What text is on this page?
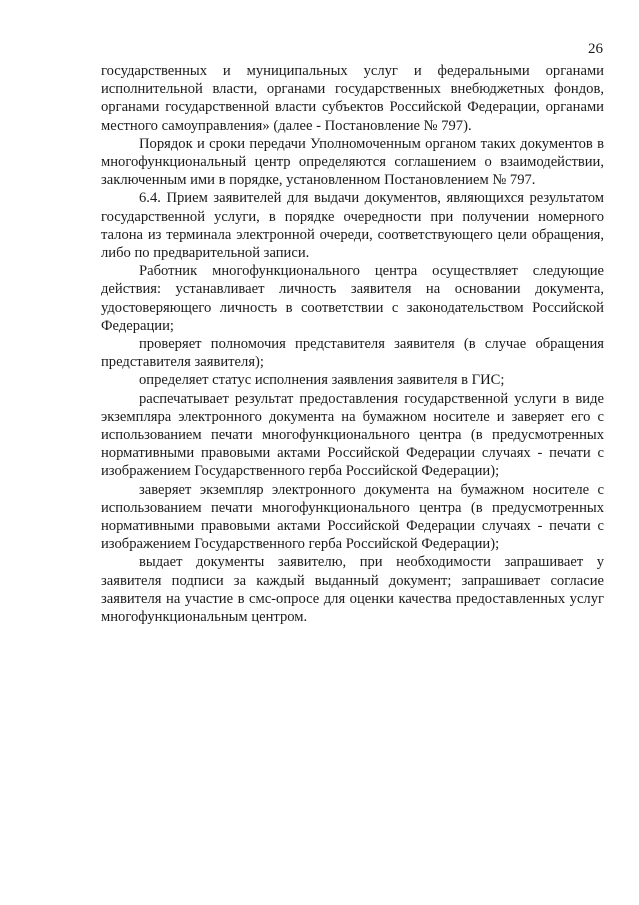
26

государственных и муниципальных услуг и федеральными органами исполнительной власти, органами государственных внебюджетных фондов, органами государственной власти субъектов Российской Федерации, органами местного самоуправления» (далее - Постановление № 797).

Порядок и сроки передачи Уполномоченным органом таких документов в многофункциональный центр определяются соглашением о взаимодействии, заключенным ими в порядке, установленном Постановлением № 797.

6.4. Прием заявителей для выдачи документов, являющихся результатом государственной услуги, в порядке очередности при получении номерного талона из терминала электронной очереди, соответствующего цели обращения, либо по предварительной записи.

Работник многофункционального центра осуществляет следующие действия: устанавливает личность заявителя на основании документа, удостоверяющего личность в соответствии с законодательством Российской Федерации;

проверяет полномочия представителя заявителя (в случае обращения представителя заявителя);

определяет статус исполнения заявления заявителя в ГИС;

распечатывает результат предоставления государственной услуги в виде экземпляра электронного документа на бумажном носителе и заверяет его с использованием печати многофункционального центра (в предусмотренных нормативными правовыми актами Российской Федерации случаях - печати с изображением Государственного герба Российской Федерации);

заверяет экземпляр электронного документа на бумажном носителе с использованием печати многофункционального центра (в предусмотренных нормативными правовыми актами Российской Федерации случаях - печати с изображением Государственного герба Российской Федерации);

выдает документы заявителю, при необходимости запрашивает у заявителя подписи за каждый выданный документ; запрашивает согласие заявителя на участие в смс-опросе для оценки качества предоставленных услуг многофункциональным центром.
